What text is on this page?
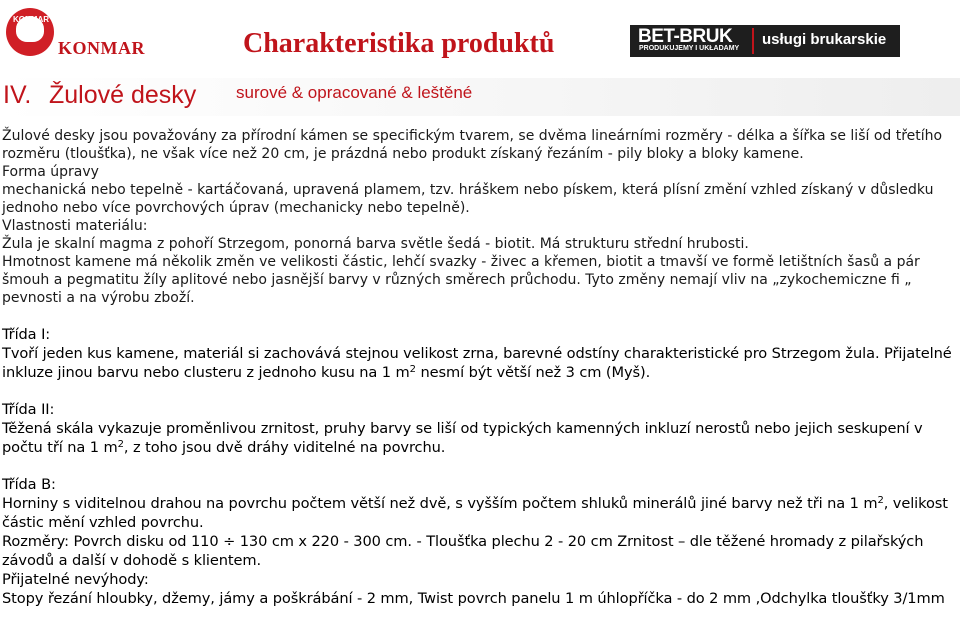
KONMAR
KONMAR	Charakteristika produktů	BET-BRUK
PRODUKUJEMY I UKŁADAMY
usługi brukarskie
IV. Žulové desky surové & opracované & leštěné

Žulové desky jsou považovány za přírodní kámen se specifickým tvarem, se dvěma lineárními rozměry - délka a šířka se liší od třetího rozměru (tloušťka), ne však více než 20 cm, je prázdná nebo produkt získaný řezáním - pily bloky a bloky kamene.

Forma úpravy

mechanická nebo tepelně - kartáčovaná, upravená plamem, tzv. hráškem nebo pískem, která plísní změní vzhled získaný v důsledku jednoho nebo více povrchových úprav (mechanicky nebo tepelně).

Vlastnosti materiálu:

Žula je skalní magma z pohoří Strzegom, ponorná barva světle šedá - biotit. Má strukturu střední hrubosti.

Hmotnost kamene má několik změn ve velikosti částic, lehčí svazky - živec a křemen, biotit a tmavší ve formě letištních šasů a pár šmouh a pegmatitu žíly aplitové nebo jasnější barvy v různých směrech průchodu. Tyto změny nemají vliv na „zykochemiczne fi „ pevnosti a na výrobu zboží.

Třída I:

Tvoří jeden kus kamene, materiál si zachovává stejnou velikost zrna, barevné odstíny charakteristické pro Strzegom žula. Přijatelné inkluze jinou barvu nebo clusteru z jednoho kusu na 1 $m^2$ nesmí být větší než 3 cm (Myš).

Třída II:

Těžená skála vykazuje proměnlivou zrnitost, pruhy barvy se liší od typických kamenných inkluzí nerostů nebo jejich seskupení v počtu tří na 1 $m^2$, z toho jsou dvě dráhy viditelné na povrchu.

Třída B:

Horniny s viditelnou drahou na povrchu počtem větší než dvě, s vyšším počtem shluků minerálů jiné barvy než tři na 1 $m^2$, velikost částic mění vzhled povrchu.

Rozměry: Povrch disku od 110 ÷ 130 cm x 220 - 300 cm. - Tloušťka plechu 2 - 20 cm Zrnitost – dle těžené hromady z pilařských závodů a další v dohodě s klientem.

Přijatelné nevýhody:

Stopy řezání hloubky, džemy, jámy a poškrábání - 2 mm, Twist povrch panelu 1 m úhlopříčka - do 2 mm ,Odchylka tloušťky 3/1mm
